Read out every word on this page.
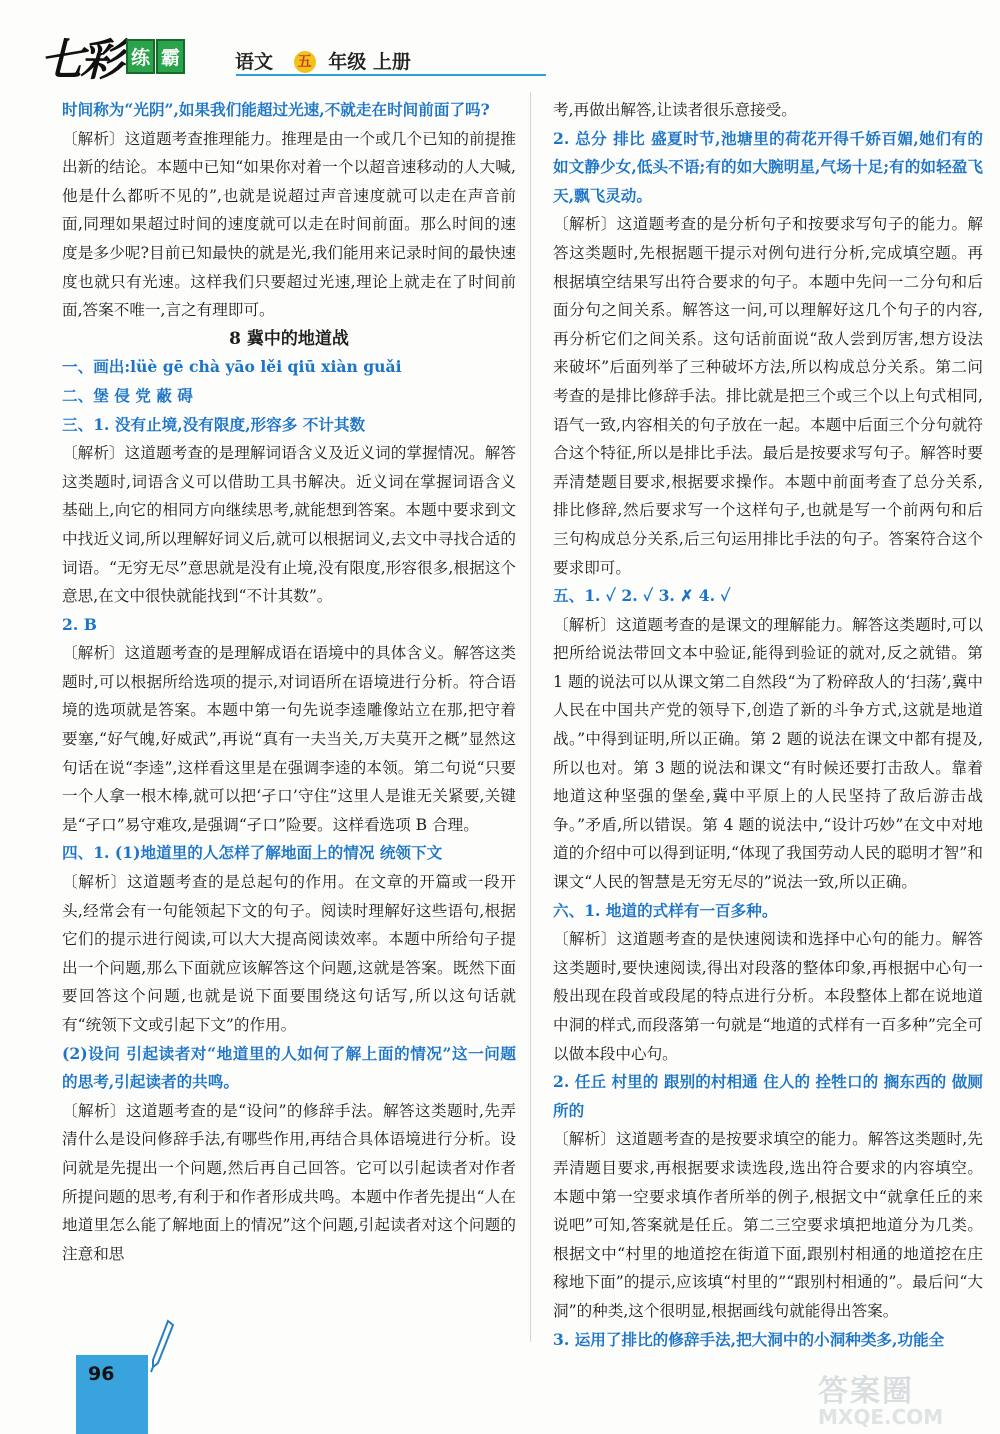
七彩 练 霸	语文 五 年级 上册

时间称为“光阴”,如果我们能超过光速,不就走在时间前面了吗?

〔解析〕这道题考查推理能力。推理是由一个或几个已知的前提推出新的结论。本题中已知“如果你对着一个以超音速移动的人大喊,他是什么都听不见的”,也就是说超过声音速度就可以走在声音前面,同理如果超过时间的速度就可以走在时间前面。那么时间的速度是多少呢?目前已知最快的就是光,我们能用来记录时间的最快速度也就只有光速。这样我们只要超过光速,理论上就走在了时间前面,答案不唯一,言之有理即可。

8 冀中的地道战

一、画出:lüè gē chà yāo lěi qiū xiàn guǎi

二、堡 侵 党 蔽 碍

三、1. 没有止境,没有限度,形容多 不计其数

〔解析〕这道题考查的是理解词语含义及近义词的掌握情况。解答这类题时,词语含义可以借助工具书解决。近义词在掌握词语含义基础上,向它的相同方向继续思考,就能想到答案。本题中要求到文中找近义词,所以理解好词义后,就可以根据词义,去文中寻找合适的词语。“无穷无尽”意思就是没有止境,没有限度,形容很多,根据这个意思,在文中很快就能找到“不计其数”。

2. B

〔解析〕这道题考查的是理解成语在语境中的具体含义。解答这类题时,可以根据所给选项的提示,对词语所在语境进行分析。符合语境的选项就是答案。本题中第一句先说李逵雕像站立在那,把守着要塞,“好气魄,好威武”,再说“真有一夫当关,万夫莫开之概”显然这句话在说“李逵”,这样看这里是在强调李逵的本领。第二句说“只要一个人拿一根木棒,就可以把‘孑口’守住”这里人是谁无关紧要,关键是“孑口”易守难攻,是强调“孑口”险要。这样看选项 B 合理。

四、1. (1)地道里的人怎样了解地面上的情况 统领下文

〔解析〕这道题考查的是总起句的作用。在文章的开篇或一段开头,经常会有一句能领起下文的句子。阅读时理解好这些语句,根据它们的提示进行阅读,可以大大提高阅读效率。本题中所给句子提出一个问题,那么下面就应该解答这个问题,这就是答案。既然下面要回答这个问题,也就是说下面要围绕这句话写,所以这句话就有“统领下文或引起下文”的作用。

(2)设问 引起读者对“地道里的人如何了解上面的情况”这一问题的思考,引起读者的共鸣。

〔解析〕这道题考查的是“设问”的修辞手法。解答这类题时,先弄清什么是设问修辞手法,有哪些作用,再结合具体语境进行分析。设问就是先提出一个问题,然后再自己回答。它可以引起读者对作者所提问题的思考,有利于和作者形成共鸣。本题中作者先提出“人在地道里怎么能了解地面上的情况”这个问题,引起读者对这个问题的注意和思

考,再做出解答,让读者很乐意接受。

2. 总分 排比 盛夏时节,池塘里的荷花开得千娇百媚,她们有的如文静少女,低头不语;有的如大腕明星,气场十足;有的如轻盈飞天,飘飞灵动。

〔解析〕这道题考查的是分析句子和按要求写句子的能力。解答这类题时,先根据题干提示对例句进行分析,完成填空题。再根据填空结果写出符合要求的句子。本题中先问一二分句和后面分句之间关系。解答这一问,可以理解好这几个句子的内容,再分析它们之间关系。这句话前面说“敌人尝到厉害,想方设法来破坏”后面列举了三种破坏方法,所以构成总分关系。第二问考查的是排比修辞手法。排比就是把三个或三个以上句式相同,语气一致,内容相关的句子放在一起。本题中后面三个分句就符合这个特征,所以是排比手法。最后是按要求写句子。解答时要弄清楚题目要求,根据要求操作。本题中前面考查了总分关系,排比修辞,然后要求写一个这样句子,也就是写一个前两句和后三句构成总分关系,后三句运用排比手法的句子。答案符合这个要求即可。

五、1. ✓ 2. ✓ 3. ✗ 4. ✓

〔解析〕这道题考查的是课文的理解能力。解答这类题时,可以把所给说法带回文本中验证,能得到验证的就对,反之就错。第 1 题的说法可以从课文第二自然段“为了粉碎敌人的‘扫荡’,冀中人民在中国共产党的领导下,创造了新的斗争方式,这就是地道战。”中得到证明,所以正确。第 2 题的说法在课文中都有提及,所以也对。第 3 题的说法和课文“有时候还要打击敌人。靠着地道这种坚强的堡垒,冀中平原上的人民坚持了敌后游击战争。”矛盾,所以错误。第 4 题的说法中,“设计巧妙”在文中对地道的介绍中可以得到证明,“体现了我国劳动人民的聪明才智”和课文“人民的智慧是无穷无尽的”说法一致,所以正确。

六、1. 地道的式样有一百多种。

〔解析〕这道题考查的是快速阅读和选择中心句的能力。解答这类题时,要快速阅读,得出对段落的整体印象,再根据中心句一般出现在段首或段尾的特点进行分析。本段整体上都在说地道中洞的样式,而段落第一句就是“地道的式样有一百多种”完全可以做本段中心句。

2. 任丘 村里的 跟别的村相通 住人的 拴牲口的 搁东西的 做厕所的

〔解析〕这道题考查的是按要求填空的能力。解答这类题时,先弄清题目要求,再根据要求读选段,选出符合要求的内容填空。本题中第一空要求填作者所举的例子,根据文中“就拿任丘的来说吧”可知,答案就是任丘。第二三空要求填把地道分为几类。根据文中“村里的地道挖在街道下面,跟别村相通的地道挖在庄稼地下面”的提示,应该填“村里的”“跟别村相通的”。最后问“大洞”的种类,这个很明显,根据画线句就能得出答案。

3. 运用了排比的修辞手法,把大洞中的小洞种类多,功能全

96	答案圈
MXQE.COM
